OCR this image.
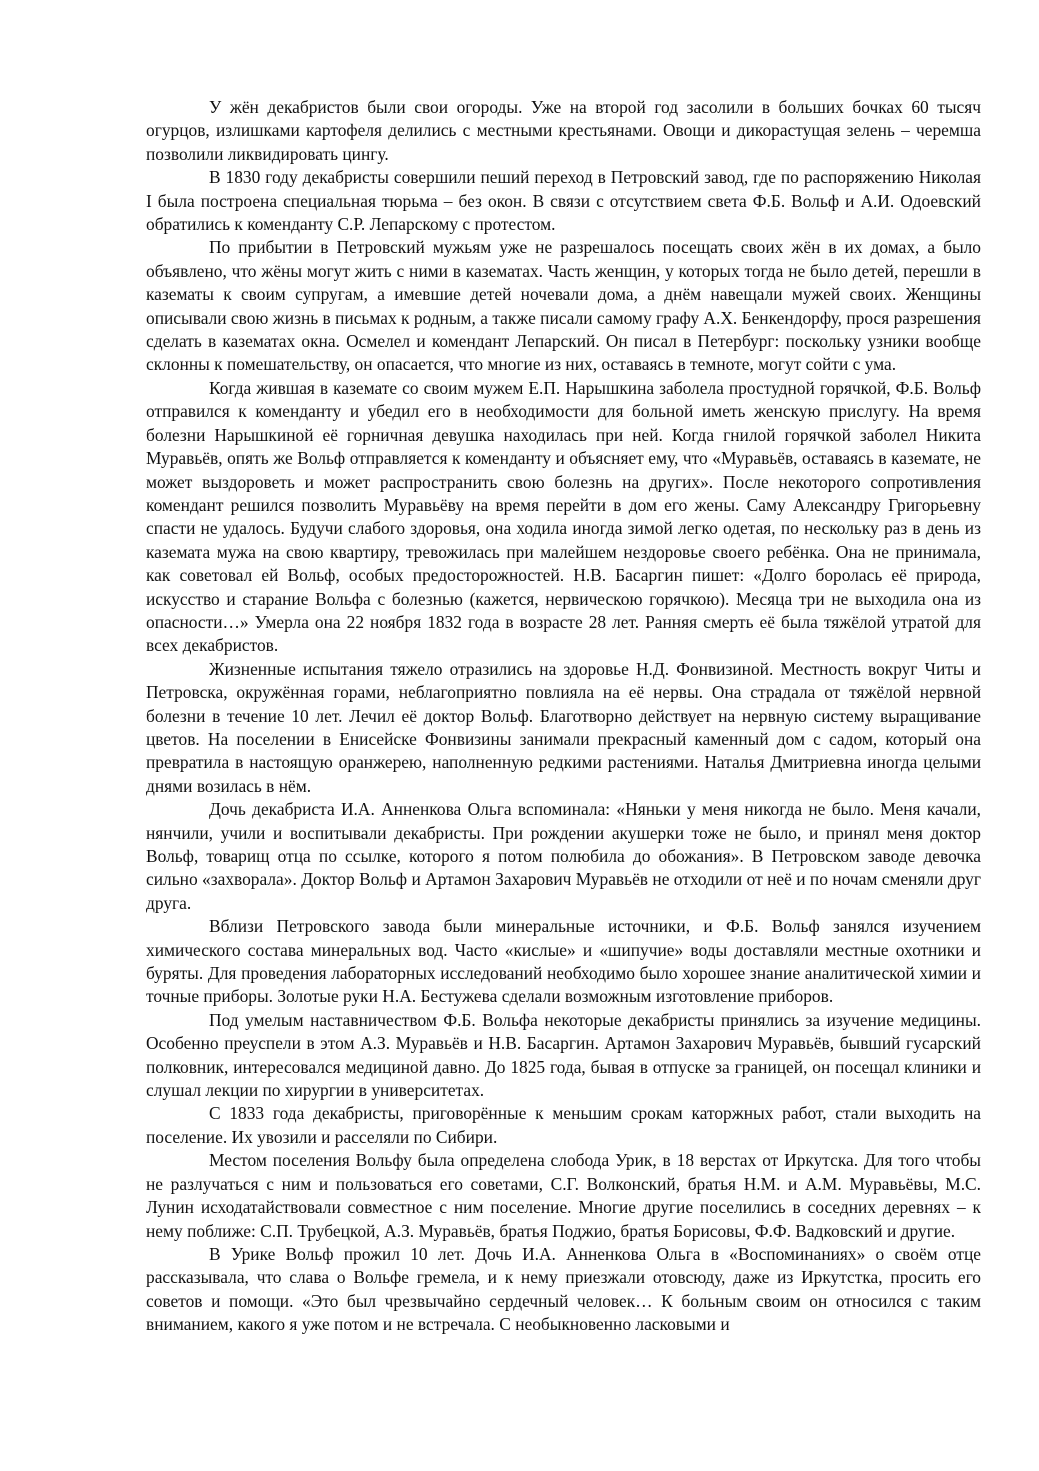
У жён декабристов были свои огороды. Уже на второй год засолили в больших бочках 60 тысяч огурцов, излишками картофеля делились с местными крестьянами. Овощи и дикорастущая зелень – черемша позволили ликвидировать цингу.

В 1830 году декабристы совершили пеший переход в Петровский завод, где по распоряжению Николая I была построена специальная тюрьма – без окон. В связи с отсутствием света Ф.Б. Вольф и А.И. Одоевский обратились к коменданту С.Р. Лепарскому с протестом.

По прибытии в Петровский мужьям уже не разрешалось посещать своих жён в их домах, а было объявлено, что жёны могут жить с ними в казематах. Часть женщин, у которых тогда не было детей, перешли в казематы к своим супругам, а имевшие детей ночевали дома, а днём навещали мужей своих. Женщины описывали свою жизнь в письмах к родным, а также писали самому графу А.Х. Бенкендорфу, прося разрешения сделать в казематах окна. Осмелел и комендант Лепарский. Он писал в Петербург: поскольку узники вообще склонны к помешательству, он опасается, что многие из них, оставаясь в темноте, могут сойти с ума.

Когда жившая в каземате со своим мужем Е.П. Нарышкина заболела простудной горячкой, Ф.Б. Вольф отправился к коменданту и убедил его в необходимости для больной иметь женскую прислугу. На время болезни Нарышкиной её горничная девушка находилась при ней. Когда гнилой горячкой заболел Никита Муравьёв, опять же Вольф отправляется к коменданту и объясняет ему, что «Муравьёв, оставаясь в каземате, не может выздороветь и может распространить свою болезнь на других». После некоторого сопротивления комендант решился позволить Муравьёву на время перейти в дом его жены. Саму Александру Григорьевну спасти не удалось. Будучи слабого здоровья, она ходила иногда зимой легко одетая, по нескольку раз в день из каземата мужа на свою квартиру, тревожилась при малейшем нездоровье своего ребёнка. Она не принимала, как советовал ей Вольф, особых предосторожностей. Н.В. Басаргин пишет: «Долго боролась её природа, искусство и старание Вольфа с болезнью (кажется, нервическою горячкою). Месяца три не выходила она из опасности…» Умерла она 22 ноября 1832 года в возрасте 28 лет. Ранняя смерть её была тяжёлой утратой для всех декабристов.

Жизненные испытания тяжело отразились на здоровье Н.Д. Фонвизиной. Местность вокруг Читы и Петровска, окружённая горами, неблагоприятно повлияла на её нервы. Она страдала от тяжёлой нервной болезни в течение 10 лет. Лечил её доктор Вольф. Благотворно действует на нервную систему выращивание цветов. На поселении в Енисейске Фонвизины занимали прекрасный каменный дом с садом, который она превратила в настоящую оранжерею, наполненную редкими растениями. Наталья Дмитриевна иногда целыми днями возилась в нём.

Дочь декабриста И.А. Анненкова Ольга вспоминала: «Няньки у меня никогда не было. Меня качали, нянчили, учили и воспитывали декабристы. При рождении акушерки тоже не было, и принял меня доктор Вольф, товарищ отца по ссылке, которого я потом полюбила до обожания». В Петровском заводе девочка сильно «захворала». Доктор Вольф и Артамон Захарович Муравьёв не отходили от неё и по ночам сменяли друг друга.

Вблизи Петровского завода были минеральные источники, и Ф.Б. Вольф занялся изучением химического состава минеральных вод. Часто «кислые» и «шипучие» воды доставляли местные охотники и буряты. Для проведения лабораторных исследований необходимо было хорошее знание аналитической химии и точные приборы. Золотые руки Н.А. Бестужева сделали возможным изготовление приборов.

Под умелым наставничеством Ф.Б. Вольфа некоторые декабристы принялись за изучение медицины. Особенно преуспели в этом А.З. Муравьёв и Н.В. Басаргин. Артамон Захарович Муравьёв, бывший гусарский полковник, интересовался медициной давно. До 1825 года, бывая в отпуске за границей, он посещал клиники и слушал лекции по хирургии в университетах.

С 1833 года декабристы, приговорённые к меньшим срокам каторжных работ, стали выходить на поселение. Их увозили и расселяли по Сибири.

Местом поселения Вольфу была определена слобода Урик, в 18 верстах от Иркутска. Для того чтобы не разлучаться с ним и пользоваться его советами, С.Г. Волконский, братья Н.М. и А.М. Муравьёвы, М.С. Лунин исходатайствовали совместное с ним поселение. Многие другие поселились в соседних деревнях – к нему поближе: С.П. Трубецкой, А.З. Муравьёв, братья Поджио, братья Борисовы, Ф.Ф. Вадковский и другие.

В Урике Вольф прожил 10 лет. Дочь И.А. Анненкова Ольга в «Воспоминаниях» о своём отце рассказывала, что слава о Вольфе гремела, и к нему приезжали отовсюду, даже из Иркутстка, просить его советов и помощи. «Это был чрезвычайно сердечный человек… К больным своим он относился с таким вниманием, какого я уже потом и не встречала. С необыкновенно ласковыми и
